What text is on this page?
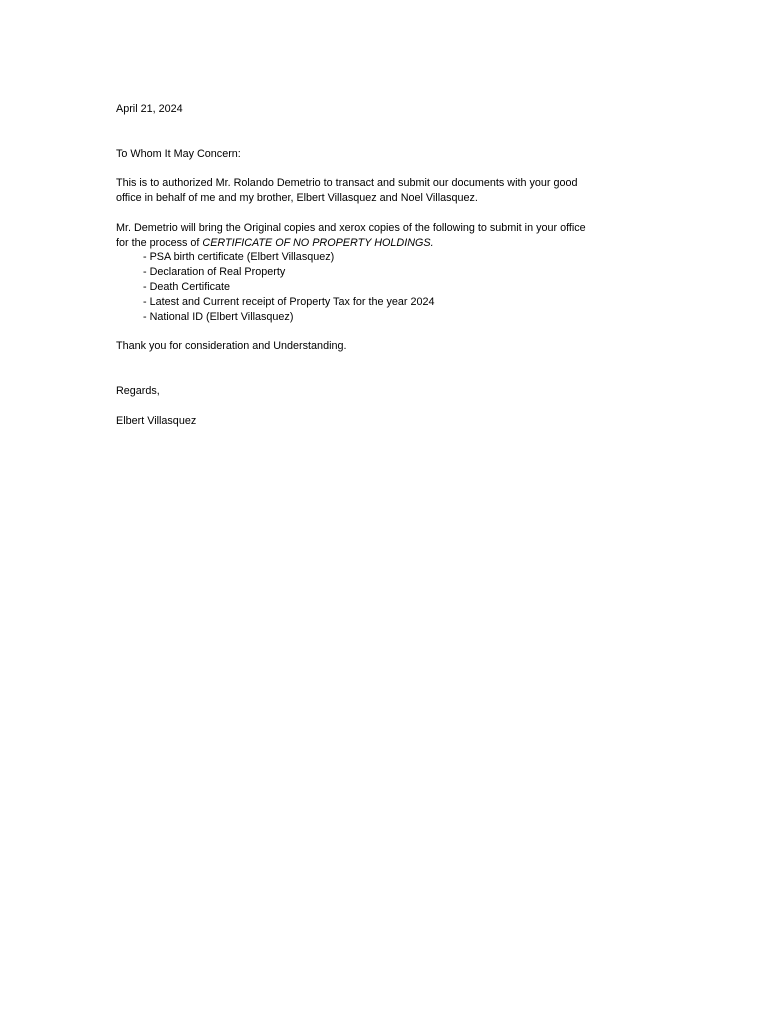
April 21, 2024
To Whom It May Concern:
This is to authorized Mr. Rolando Demetrio to transact and submit our documents with your good
office in behalf of me and my brother, Elbert Villasquez and Noel Villasquez.
Mr. Demetrio will bring the Original copies and xerox copies of the following to submit in your office
for the process of CERTIFICATE OF NO PROPERTY HOLDINGS.
- PSA birth certificate (Elbert Villasquez)
- Declaration of Real Property
- Death Certificate
- Latest and Current receipt of Property Tax for the year 2024
- National ID (Elbert Villasquez)
Thank you for consideration and Understanding.
Regards,
Elbert Villasquez
